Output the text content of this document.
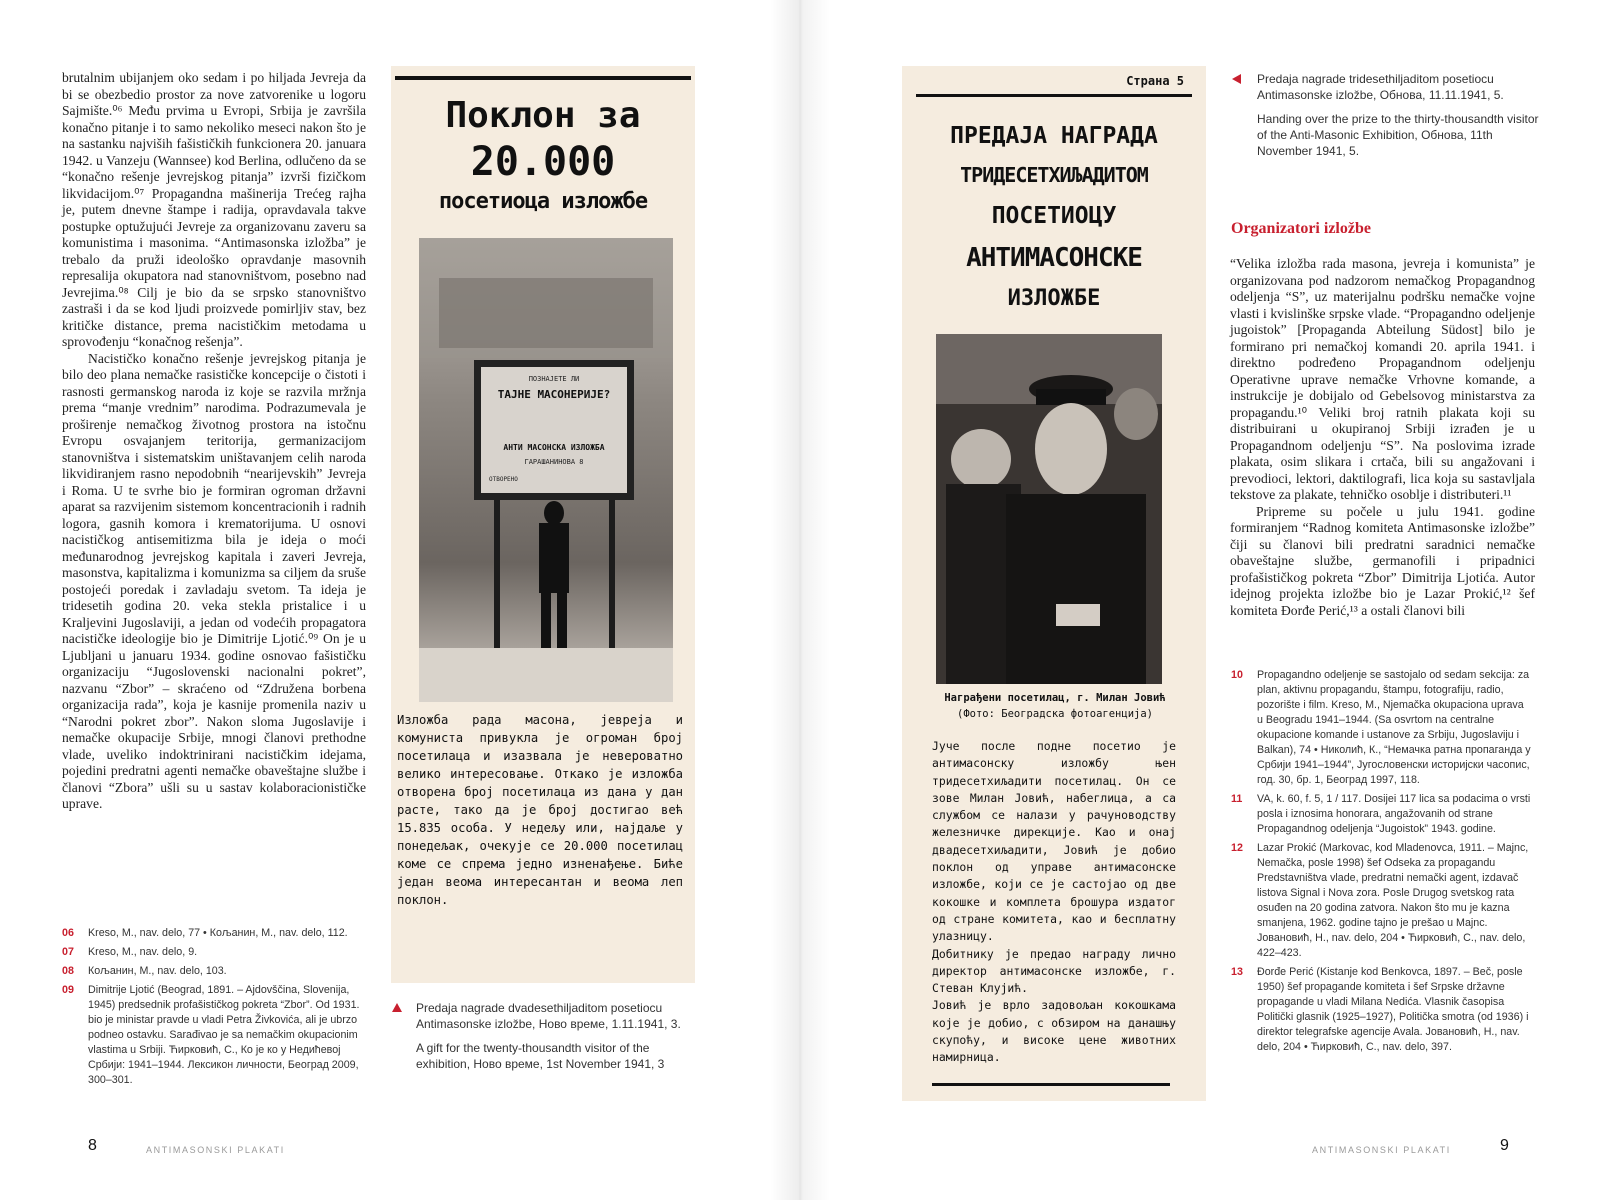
brutalnim ubijanjem oko sedam i po hiljada Jevreja da bi se obezbedio prostor za nove zatvorenike u logoru Sajmište.⁰⁶ Među prvima u Evropi, Srbija je završila konačno pitanje i to samo nekoliko meseci nakon što je na sastanku najviših fašističkih funkcionera 20. januara 1942. u Vanzeju (Wannsee) kod Berlina, odlučeno da se “konačno rešenje jevrejskog pitanja” izvrši fizičkom likvidacijom.⁰⁷ Propagandna mašinerija Trećeg rajha je, putem dnevne štampe i radija, opravdavala takve postupke optužujući Jevreje za organizovanu zaveru sa komunistima i masonima. “Antimasonska izložba” je trebalo da pruži ideološko opravdanje masovnih represalija okupatora nad stanovništvom, posebno nad Jevrejima.⁰⁸ Cilj je bio da se srpsko stanovništvo zastraši i da se kod ljudi proizvede pomirljiv stav, bez kritičke distance, prema nacističkim metodama u sprovođenju “konačnog rešenja”.

Nacističko konačno rešenje jevrejskog pitanja je bilo deo plana nemačke rasističke koncepcije o čistoti i rasnosti germanskog naroda iz koje se razvila mržnja prema “manje vrednim” narodima. Podrazumevala je proširenje nemačkog životnog prostora na istočnu Evropu osvajanjem teritorija, germanizacijom stanovništva i sistematskim uništavanjem celih naroda likvidiranjem rasno nepodobnih “nearijevskih” Jevreja i Roma. U te svrhe bio je formiran ogroman državni aparat sa razvijenim sistemom koncentracionih i radnih logora, gasnih komora i krematorijuma. U osnovi nacističkog antisemitizma bila je ideja o moći međunarodnog jevrejskog kapitala i zaveri Jevreja, masonstva, kapitalizma i komunizma sa ciljem da sruše postojeći poredak i zavladaju svetom. Ta ideja je tridesetih godina 20. veka stekla pristalice i u Kraljevini Jugoslaviji, a jedan od vodećih propagatora nacističke ideologije bio je Dimitrije Ljotić.⁰⁹ On je u Ljubljani u januaru 1934. godine osnovao fašističku organizaciju “Jugoslovenski nacionalni pokret”, nazvanu “Zbor” – skraćeno od “Združena borbena organizacija rada”, koja je kasnije promenila naziv u “Narodni pokret zbor”. Nakon sloma Jugoslavije i nemačke okupacije Srbije, mnogi članovi prethodne vlade, uveliko indoktrinirani nacističkim idejama, pojedini predratni agenti nemačke obaveštajne službe i članovi “Zbora” ušli su u sastav kolaboracionističke uprave.

06	Kreso, M., nav. delo, 77 • Кољанин, М., nav. delo, 112.
07	Kreso, M., nav. delo, 9.
08	Кољанин, М., nav. delo, 103.
09	Dimitrije Ljotić (Beograd, 1891. – Ajdovščina, Slovenija, 1945) predsednik profašističkog pokreta “Zbor”. Od 1931. bio je ministar pravde u vladi Petra Živkovića, ali je ubrzo podneo ostavku. Sarađivao je sa nemačkim okupacionim vlastima u Srbiji. Ћирковић, С., Ко је ко у Недићевој Србији: 1941–1944. Лексикон личности, Београд 2009, 300–301.
Поклон за
20.000
посетиоца изложбе
ПОЗНАЈЕТЕ ЛИ
ТАЈНЕ МАСОНЕРИЈЕ?
АНТИ МАСОНСКА ИЗЛОЖБА
ГАРАШАНИНОВА 8
ОТВОРЕНО
Изложба рада масона, јевреја и комуниста привукла је огроман број посетилаца и изазвала је невероватно велико интересовање. Откако је изложба отворена број посетилаца из дана у дан расте, тако да је број достигао већ 15.835 особа. У недељу или, најдаље у понедељак, очекује се 20.000 посетилац коме се спрема једно изненађење. Биће један веома интересантан и веома леп поклон.
Predaja nagrade dvadesethiljaditom posetiocu Antimasonske izložbe, Ново време, 1.11.1941, 3.
A gift for the twenty-thousandth visitor of the exhibition, Ново време, 1st November 1941, 3
8	ANTIMASONSKI PLAKATI
Страна 5
ПРЕДАЈА НАГРАДА
ТРИДЕСЕТХИЉАДИТОМ
ПОСЕТИОЦУ
АНТИМАСОНСКЕ
ИЗЛОЖБЕ
Награђени посетилац, г. Милан Јовић
(Фото: Београдска фотоагенција)

Јуче после подне посетио је антимасонску изложбу њен тридесетхиљадити посетилац. Он се зове Милан Јовић, набеглица, а са службом се налази у рачуноводству железничке дирекције. Као и онај двадесетхиљадити, Јовић је добио поклон од управе антимасонске изложбе, који се је састојао од две кокошке и комплета брошура издатог од стране комитета, као и бесплатну улазницу.

Добитнику је предао награду лично директор антимасонске изложбе, г. Стеван Клујић.

Јовић је врло задовољан кокошкама које је добио, с обзиром на данашњу скупоћу, и високе цене животних намирница.

Predaja nagrade tridesethiljaditom posetiocu Antimasonske izložbe, Обнова, 11.11.1941, 5.
Handing over the prize to the thirty-thousandth visitor of the Anti-Masonic Exhibition, Обнова, 11th November 1941, 5.
Organizatori izložbe

“Velika izložba rada masona, jevreja i komunista” je organizovana pod nadzorom nemačkog Propagandnog odeljenja “S”, uz materijalnu podršku nemačke vojne vlasti i kvislinške srpske vlade. “Propagandno odeljenje jugoistok” [Propaganda Abteilung Südost] bilo je formirano pri nemačkoj komandi 20. aprila 1941. i direktno podređeno Propagandnom odeljenju Operativne uprave nemačke Vrhovne komande, a instrukcije je dobijalo od Gebelsovog ministarstva za propagandu.¹⁰ Veliki broj ratnih plakata koji su distribuirani u okupiranoj Srbiji izrađen je u Propagandnom odeljenju “S”. Na poslovima izrade plakata, osim slikara i crtača, bili su angažovani i prevodioci, lektori, daktilografi, lica koja su sastavljala tekstove za plakate, tehničko osoblje i distributeri.¹¹

Pripreme su počele u julu 1941. godine formiranjem “Radnog komiteta Antimasonske izložbe” čiji su članovi bili predratni saradnici nemačke obaveštajne službe, germanofili i pripadnici profašističkog pokreta “Zbor” Dimitrija Ljotića. Autor idejnog projekta izložbe bio je Lazar Prokić,¹² šef komiteta Đorđe Perić,¹³ a ostali članovi bili

10	Propagandno odeljenje se sastojalo od sedam sekcija: za plan, aktivnu propagandu, štampu, fotografiju, radio, pozorište i film. Kreso, M., Njemačka okupaciona uprava u Beogradu 1941–1944. (Sa osvrtom na centralne okupacione komande i ustanove za Srbiju, Jugoslaviju i Balkan), 74 • Николић, К., “Немачка ратна пропаганда у Србији 1941–1944”, Југословенски историјски часопис, год. 30, бр. 1, Београд 1997, 118.
11	VA, k. 60, f. 5, 1 / 117. Dosijei 117 lica sa podacima o vrsti posla i iznosima honorara, angažovanih od strane Propagandnog odeljenja “Jugoistok” 1943. godine.
12	Lazar Prokić (Markovac, kod Mladenovca, 1911. – Majnc, Nemačka, posle 1998) šef Odseka za propagandu Predstavništva vlade, predratni nemački agent, izdavač listova Signal i Nova zora. Posle Drugog svetskog rata osuđen na 20 godina zatvora. Nakon što mu je kazna smanjena, 1962. godine tajno je prešao u Majnc. Јовановић, Н., nav. delo, 204 • Ћирковић, С., nav. delo, 422–423.
13	Đorđe Perić (Kistanje kod Benkovca, 1897. – Beč, posle 1950) šef propagande komiteta i šef Srpske državne propagande u vladi Milana Nedića. Vlasnik časopisa Politički glasnik (1925–1927), Politička smotra (od 1936) i direktor telegrafske agencije Avala. Јовановић, Н., nav. delo, 204 • Ћирковић, С., nav. delo, 397.
ANTIMASONSKI PLAKATI	9
